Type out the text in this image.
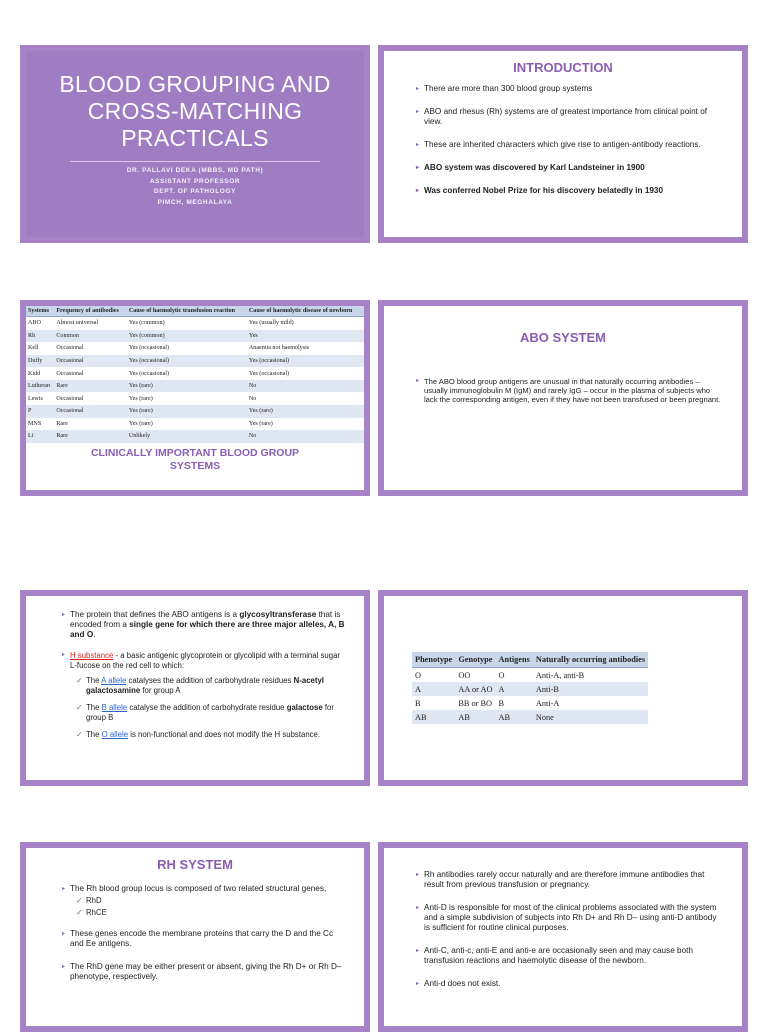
BLOOD GROUPING AND
CROSS-MATCHING
PRACTICALS
DR. PALLAVI DEKA (MBBS, MD PATH)
ASSISTANT PROFESSOR
DEPT. OF PATHOLOGY
PIMCH, MEGHALAYA
INTRODUCTION
▸ There are more than 300 blood group systems
▸ ABO and rhesus (Rh) systems are of greatest importance from clinical point of view.
▸ These are inherited characters which give rise to antigen-antibody reactions.
▸ ABO system was discovered by Karl Landsteiner in 1900
▸ Was conferred Nobel Prize for his discovery belatedly in 1930
Systems	Frequency of antibodies	Cause of haemolytic transfusion reaction	Cause of haemolytic disease of newborn
ABO	Almost universal	Yes (common)	Yes (usually mild)
Rh	Common	Yes (common)	Yes
Kell	Occasional	Yes (occasional)	Anaemia not haemolysis
Duffy	Occasional	Yes (occasional)	Yes (occasional)
Kidd	Occasional	Yes (occasional)	Yes (occasional)
Lutheran	Rare	Yes (rare)	No
Lewis	Occasional	Yes (rare)	No
P	Occasional	Yes (rare)	Yes (rare)
MNS	Rare	Yes (rare)	Yes (rare)
Li	Rare	Unlikely	No
CLINICALLY IMPORTANT BLOOD GROUP
SYSTEMS
ABO SYSTEM
▸ The ABO blood group antigens are unusual in that naturally occurring antibodies – usually immunoglobulin M (IgM) and rarely IgG – occur in the plasma of subjects who lack the corresponding antigen, even if they have not been transfused or been pregnant.
▸ The protein that defines the ABO antigens is a glycosyltransferase that is encoded from a single gene for which there are three major alleles, A, B and O.
▸ H substance - a basic antigenic glycoprotein or glycolipid with a terminal sugar L-fucose on the red cell to which:
✓ The A allele catalyses the addition of carbohydrate residues N-acetyl galactosamine for group A
✓ The B allele catalyse the addition of carbohydrate residue galactose for group B
✓ The O allele is non-functional and does not modify the H substance.
Phenotype	Genotype	Antigens	Naturally occurring antibodies
O	OO	O	Anti-A, anti-B
A	AA or AO	A	Anti-B
B	BB or BO	B	Anti-A
AB	AB	AB	None
RH SYSTEM
▸ The Rh blood group locus is composed of two related structural genes,
✓ RhD
✓ RhCE
▸ These genes encode the membrane proteins that carry the D and the Cc and Ee antigens.
▸ The RhD gene may be either present or absent, giving the Rh D+ or Rh D– phenotype, respectively.
▸ Rh antibodies rarely occur naturally and are therefore immune antibodies that result from previous transfusion or pregnancy.
▸ Anti-D is responsible for most of the clinical problems associated with the system and a simple subdivision of subjects into Rh D+ and Rh D– using anti-D antibody is sufficient for routine clinical purposes.
▸ Anti-C, anti-c, anti-E and anti-e are occasionally seen and may cause both transfusion reactions and haemolytic disease of the newborn.
▸ Anti-d does not exist.
